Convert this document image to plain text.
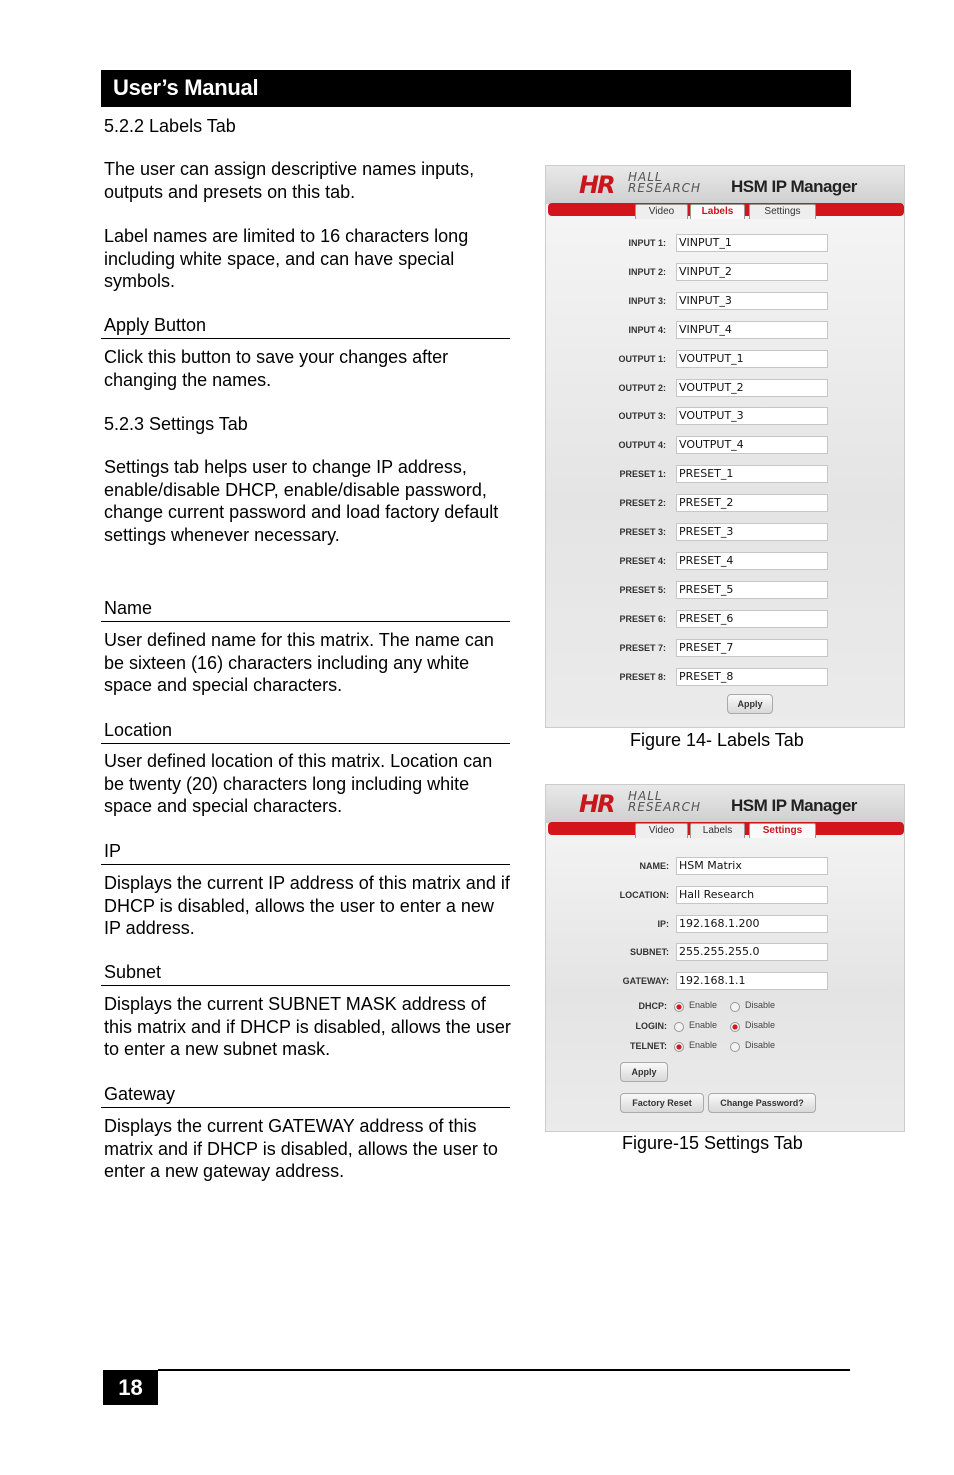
User’s Manual
5.2.2 Labels Tab
The user can assign descriptive names inputs, outputs and presets on this tab.
Label names are limited to 16 characters long including white space, and can have special symbols.
Apply Button
Click this button to save your changes after changing the names.
5.2.3 Settings Tab
Settings tab helps user to change IP address, enable/disable DHCP, enable/disable password, change current password and load factory default settings whenever necessary.
Name
User defined name for this matrix. The name can be sixteen (16) characters including any white space and special characters.
Location
User defined location of this matrix. Location can be twenty (20) characters long including white space and special characters.
IP
Displays the current IP address of this matrix and if DHCP is disabled, allows the user to enter a new IP address.
Subnet
Displays the current SUBNET MASK address of this matrix and if DHCP is disabled, allows the user to enter a new subnet mask.
Gateway
Displays the current GATEWAY address of this matrix and if DHCP is disabled, allows the user to enter a new gateway address.
HR HALL
RESEARCH HSM IP Manager
Video	Labels	Settings
INPUT 1: VINPUT_1
INPUT 2: VINPUT_2
INPUT 3: VINPUT_3
INPUT 4: VINPUT_4
OUTPUT 1: VOUTPUT_1
OUTPUT 2: VOUTPUT_2
OUTPUT 3: VOUTPUT_3
OUTPUT 4: VOUTPUT_4
PRESET 1: PRESET_1
PRESET 2: PRESET_2
PRESET 3: PRESET_3
PRESET 4: PRESET_4
PRESET 5: PRESET_5
PRESET 6: PRESET_6
PRESET 7: PRESET_7
PRESET 8: PRESET_8
Apply
Figure 14- Labels Tab
HR HALL
RESEARCH HSM IP Manager
Video	Labels	Settings
NAME: HSM Matrix
LOCATION: Hall Research
IP: 192.168.1.200
SUBNET: 255.255.255.0
GATEWAY: 192.168.1.1
DHCP: Enable	Disable
LOGIN: Enable	Disable
TELNET: Enable	Disable
Apply
Factory Reset	Change Password?
Figure-15 Settings Tab
18
